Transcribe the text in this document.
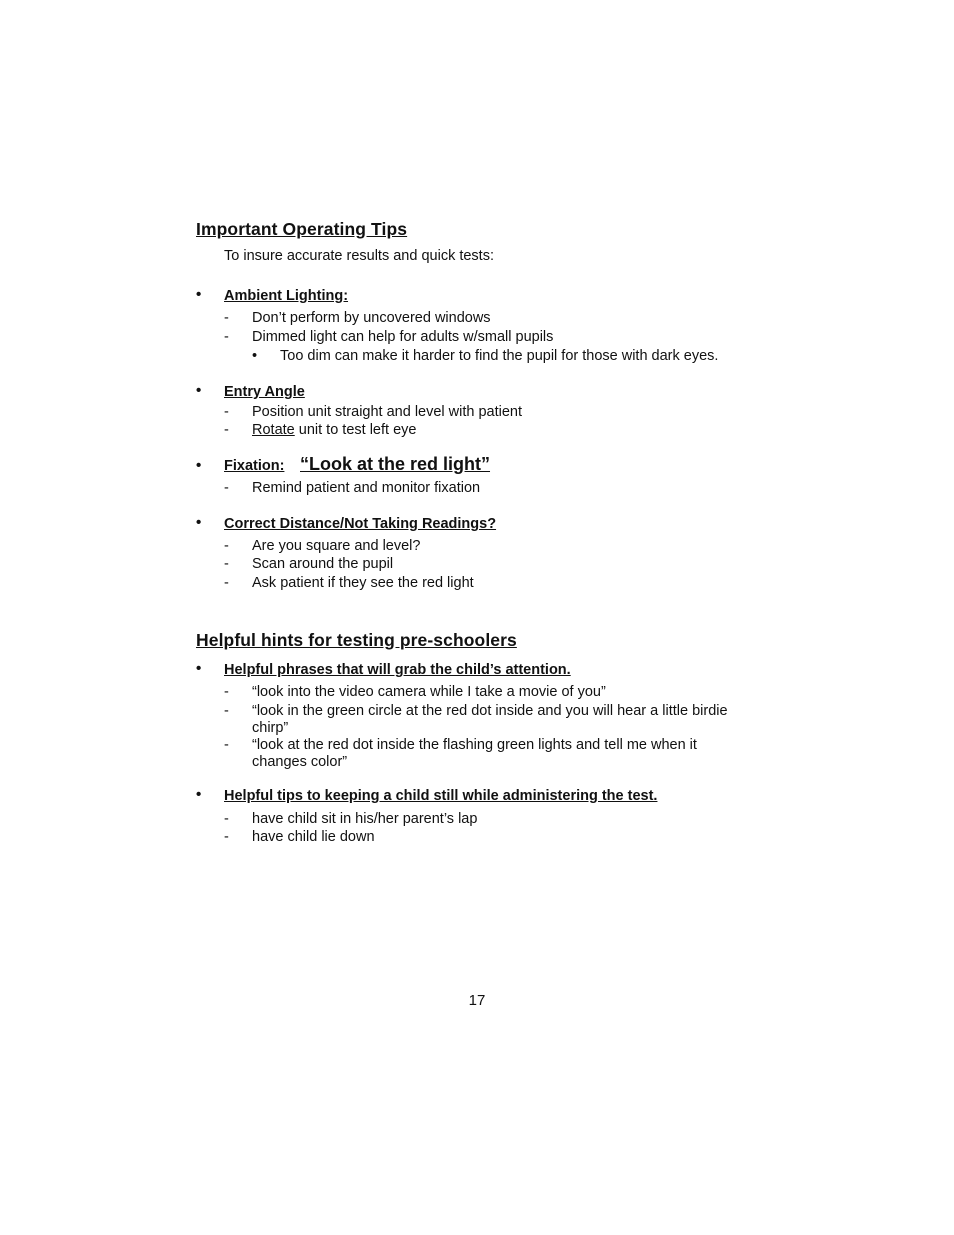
Important Operating Tips

To insure accurate results and quick tests:

• Ambient Lighting:
- Don’t perform by uncovered windows
- Dimmed light can help for adults w/small pupils
• Too dim can make it harder to find the pupil for those with dark eyes.
• Entry Angle
- Position unit straight and level with patient
- Rotate unit to test left eye
• Fixation: “Look at the red light”
- Remind patient and monitor fixation
• Correct Distance/Not Taking Readings?
- Are you square and level?
- Scan around the pupil
- Ask patient if they see the red light
Helpful hints for testing pre-schoolers
• Helpful phrases that will grab the child’s attention.
- “look into the video camera while I take a movie of you”
- “look in the green circle at the red dot inside and you will hear a little birdie chirp”
- “look at the red dot inside the flashing green lights and tell me when it changes color”
• Helpful tips to keeping a child still while administering the test.
- have child sit in his/her parent’s lap
- have child lie down
17
